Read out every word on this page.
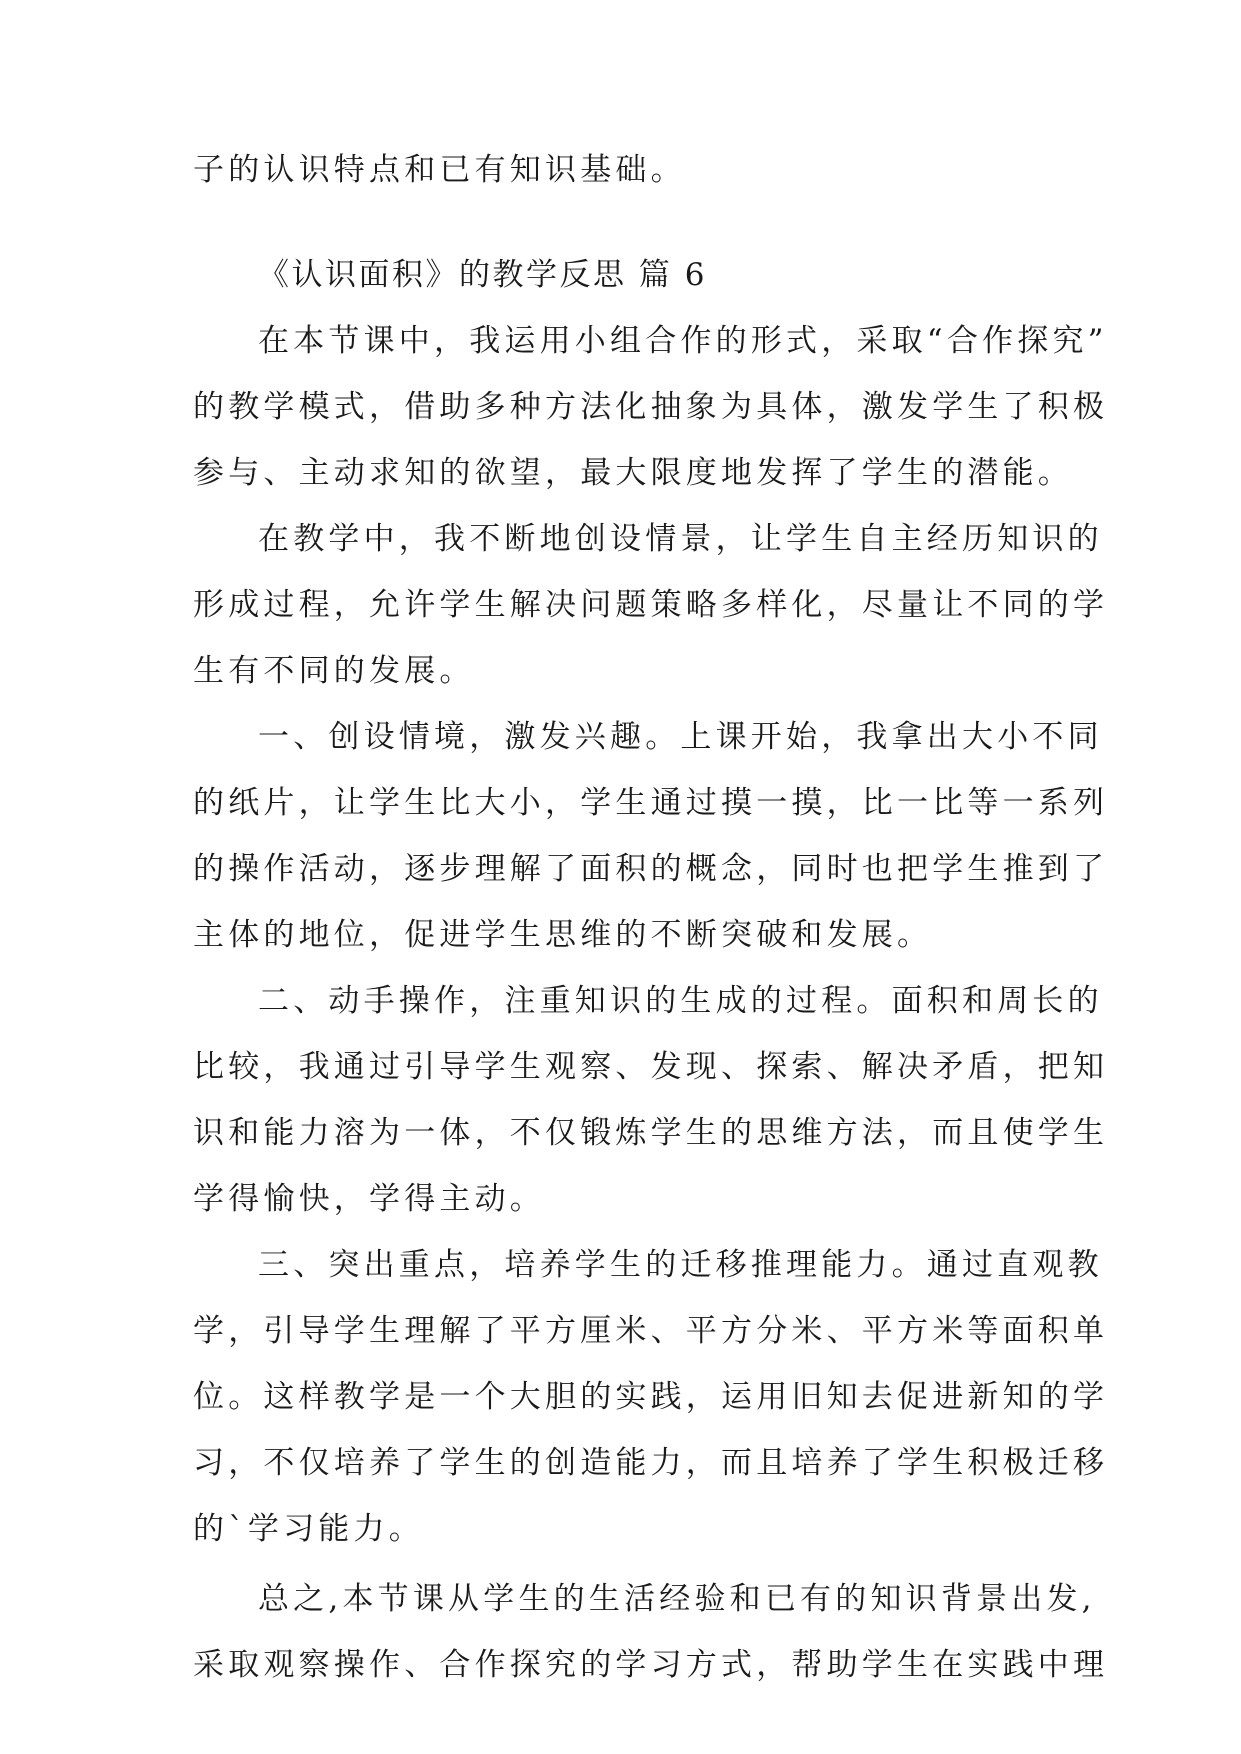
子的认识特点和已有知识基础。
《认识面积》的教学反思 篇 6
在本节课中，我运用小组合作的形式，采取“合作探究”
的教学模式，借助多种方法化抽象为具体，激发学生了积极
参与、主动求知的欲望，最大限度地发挥了学生的潜能。
在教学中，我不断地创设情景，让学生自主经历知识的
形成过程，允许学生解决问题策略多样化，尽量让不同的学
生有不同的发展。
一、创设情境，激发兴趣。上课开始，我拿出大小不同
的纸片，让学生比大小，学生通过摸一摸，比一比等一系列
的操作活动，逐步理解了面积的概念，同时也把学生推到了
主体的地位，促进学生思维的不断突破和发展。
二、动手操作，注重知识的生成的过程。面积和周长的
比较，我通过引导学生观察、发现、探索、解决矛盾，把知
识和能力溶为一体，不仅锻炼学生的思维方法，而且使学生
学得愉快，学得主动。
三、突出重点，培养学生的迁移推理能力。通过直观教
学，引导学生理解了平方厘米、平方分米、平方米等面积单
位。这样教学是一个大胆的实践，运用旧知去促进新知的学
习，不仅培养了学生的创造能力，而且培养了学生积极迁移
的`学习能力。
总之,本节课从学生的生活经验和已有的知识背景出发,
采取观察操作、合作探究的学习方式，帮助学生在实践中理
